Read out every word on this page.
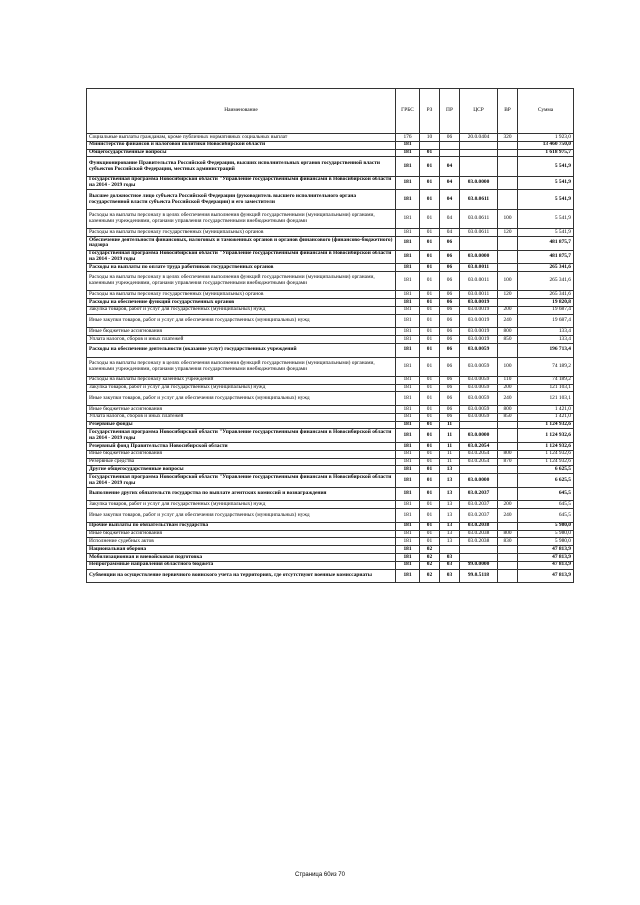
Наименование	ГРБС	РЗ	ПР	ЦСР	ВР	Сумма
Социальные выплаты гражданам, кроме публичных нормативных социальных выплат	176	10	06	20.0.0404	320	1 923,0
Министерство финансов и налоговой политики Новосибирской области	181					13 460 750,0
Общегосударственные вопросы	181	01				1 618 975,7
Функционирование Правительства Российской Федерации, высших исполнительных органов государственной власти субъектов Российской Федерации, местных администраций	181	01	04			5 541,9
Государственная программа Новосибирской области "Управление государственными финансами в Новосибирской области на 2014 - 2019 годы	181	01	04	03.0.0000		5 541,9
Высшее должностное лицо субъекта Российской Федерации (руководитель высшего исполнительного органа государственной власти субъекта Российской Федерации) и его заместители	181	01	04	03.0.0611		5 541,9
Расходы на выплаты персоналу в целях обеспечения выполнения функций государственными (муниципальными) органами, казенными учреждениями, органами управления государственными внебюджетными фондами	181	01	04	03.0.0611	100	5 541,9
Расходы на выплаты персоналу государственных (муниципальных) органов	181	01	04	03.0.0611	120	5 541,9
Обеспечение деятельности финансовых, налоговых и таможенных органов и органов финансового (финансово-бюджетного) надзора	181	01	06			481 875,7
Государственная программа Новосибирской области "Управление государственными финансами в Новосибирской области на 2014 - 2019 годы	181	01	06	03.0.0000		481 875,7
Расходы на выплаты по оплате труда работников государственных органов	181	01	06	03.0.0011		265 341,6
Расходы на выплаты персоналу в целях обеспечения выполнения функций государственными (муниципальными) органами, казенными учреждениями, органами управления государственными внебюджетными фондами	181	01	06	03.0.0011	100	265 341,6
Расходы на выплаты персоналу государственных (муниципальных) органов	181	01	06	03.0.0011	120	265 341,6
Расходы на обеспечение функций государственных органов	181	01	06	03.0.0019		19 820,8
Закупка товаров, работ и услуг для государственных (муниципальных) нужд	181	01	06	03.0.0019	200	19 687,4
Иные закупки товаров, работ и услуг для обеспечения государственных (муниципальных) нужд	181	01	06	03.0.0019	240	19 687,4
Иные бюджетные ассигнования	181	01	06	03.0.0019	800	133,4
Уплата налогов, сборов и иных платежей	181	01	06	03.0.0019	850	133,4
Расходы на обеспечение деятельности (оказание услуг) государственных учреждений	181	01	06	03.0.0059		196 713,4
Расходы на выплаты персоналу в целях обеспечения выполнения функций государственными (муниципальными) органами, казенными учреждениями, органами управления государственными внебюджетными фондами	181	01	06	03.0.0059	100	74 189,2
Расходы на выплаты персоналу казенных учреждений	181	01	06	03.0.0059	110	74 189,2
Закупка товаров, работ и услуг для государственных (муниципальных) нужд	181	01	06	03.0.0059	200	121 103,1
Иные закупки товаров, работ и услуг для обеспечения государственных (муниципальных) нужд	181	01	06	03.0.0059	240	121 103,1
Иные бюджетные ассигнования	181	01	06	03.0.0059	800	1 421,0
Уплата налогов, сборов и иных платежей	181	01	06	03.0.0059	850	1 421,0
Резервные фонды	181	01	11			1 124 932,6
Государственная программа Новосибирской области "Управление государственными финансами в Новосибирской области на 2014 - 2019 годы	181	01	11	03.0.0000		1 124 932,6
Резервный фонд Правительства Новосибирской области	181	01	11	03.0.2054		1 124 932,6
Иные бюджетные ассигнования	181	01	11	03.0.2054	800	1 124 932,6
Резервные средства	181	01	11	03.0.2054	870	1 124 932,6
Другие общегосударственные вопросы	181	01	13			6 625,5
Государственная программа Новосибирской области "Управление государственными финансами в Новосибирской области на 2014 - 2019 годы	181	01	13	03.0.0000		6 625,5
Выполнение других обязательств государства по выплате агентских комиссий и вознаграждения	181	01	13	03.0.2037		645,5
Закупка товаров, работ и услуг для государственных (муниципальных) нужд	181	01	13	03.0.2037	200	645,5
Иные закупки товаров, работ и услуг для обеспечения государственных (муниципальных) нужд	181	01	13	03.0.2037	240	645,5
Прочие выплаты по обязательствам государства	181	01	13	03.0.2038		5 980,0
Иные бюджетные ассигнования	181	01	13	03.0.2038	800	5 980,0
Исполнение судебных актов	181	01	13	03.0.2038	830	5 980,0
Национальная оборона	181	02				47 813,9
Мобилизационная и вневойсковая подготовка	181	02	03			47 813,9
Непрограммные направления областного бюджета	181	02	03	99.0.0000		47 813,9
Субвенции на осуществление первичного воинского учета на территориях, где отсутствуют военные комиссариаты	181	02	03	99.0.5118		47 813,9
Страница 60из 70
